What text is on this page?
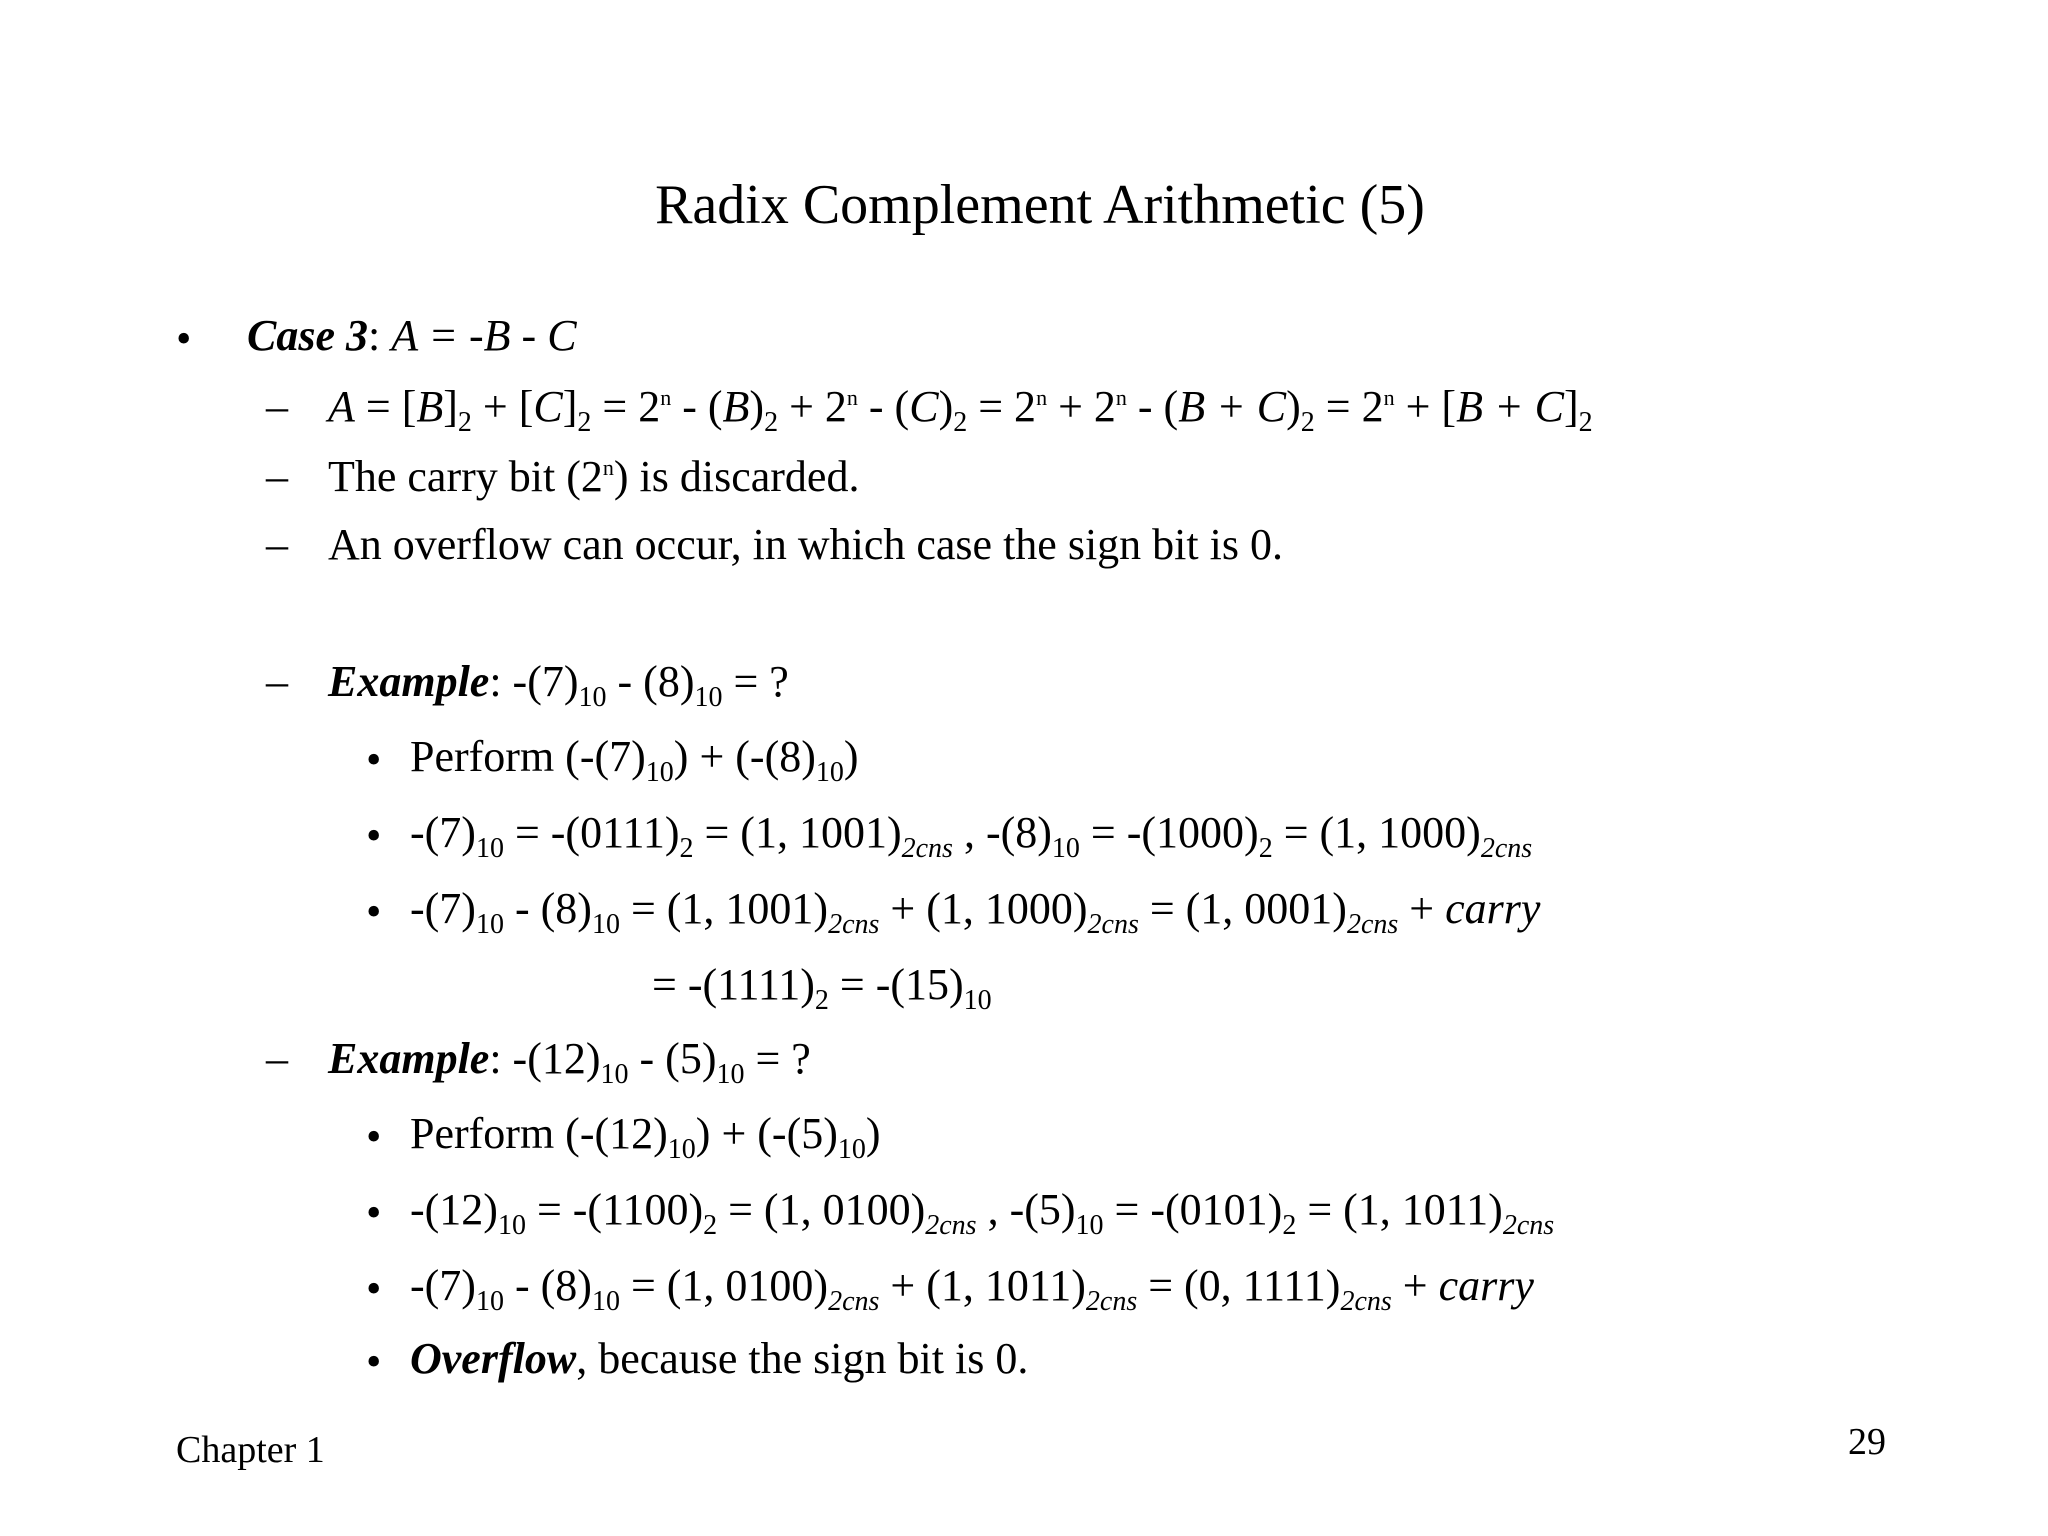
Radix Complement Arithmetic (5)
• Case 3: A = -B - C
– $A = [B]_2 + [C]_2 = 2^n - (B)_2 + 2^n - (C)_2 = 2^n + 2^n - (B + C)_2 = 2^n + [B + C]_2$
– The carry bit (2$^n$) is discarded.
– An overflow can occur, in which case the sign bit is 0.
– Example: $-(7)_{10} - (8)_{10}$ = ?
• Perform $(-(7)_{10}) + (-(8)_{10})$
• $-(7)_{10} = -(0111)_2 = (1$, $1001)_{2cns}$ , $-(8)_{10} = -(1000)_2 = (1$, $1000)_{2cns}$
• $-(7)_{10} - (8)_{10} = (1$, $1001)_{2cns} + (1$, $1000)_{2cns} = (1$, $0001)_{2cns}$ + carry
= $-(1111)_2 = -(15)_{10}$
– Example: $-(12)_{10} - (5)_{10}$ = ?
• Perform $(-(12)_{10}) + (-(5)_{10})$
• $-(12)_{10} = -(1100)_2 = (1$, $0100)_{2cns}$ , $-(5)_{10} = -(0101)_2 = (1$, $1011)_{2cns}$
• $-(7)_{10} - (8)_{10} = (1$, $0100)_{2cns} + (1$, $1011)_{2cns} = (0$, $1111)_{2cns}$ + carry
• Overflow, because the sign bit is 0.
Chapter 1	29
